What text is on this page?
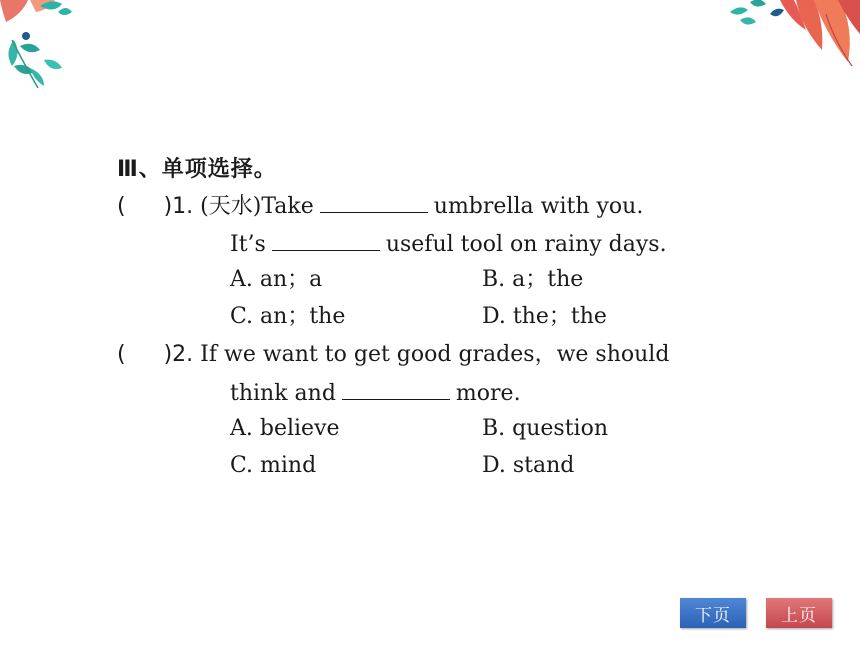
Ⅲ、单项选择。
( )1. (天水)Take	umbrella with you.
It’s	useful tool on rainy days.
A. an；a	B. a；the
C. an；the	D. the；the
( )2. If we want to get good grades，we should
think and	more.
A. believe	B. question
C. mind	D. stand
下页	上页
